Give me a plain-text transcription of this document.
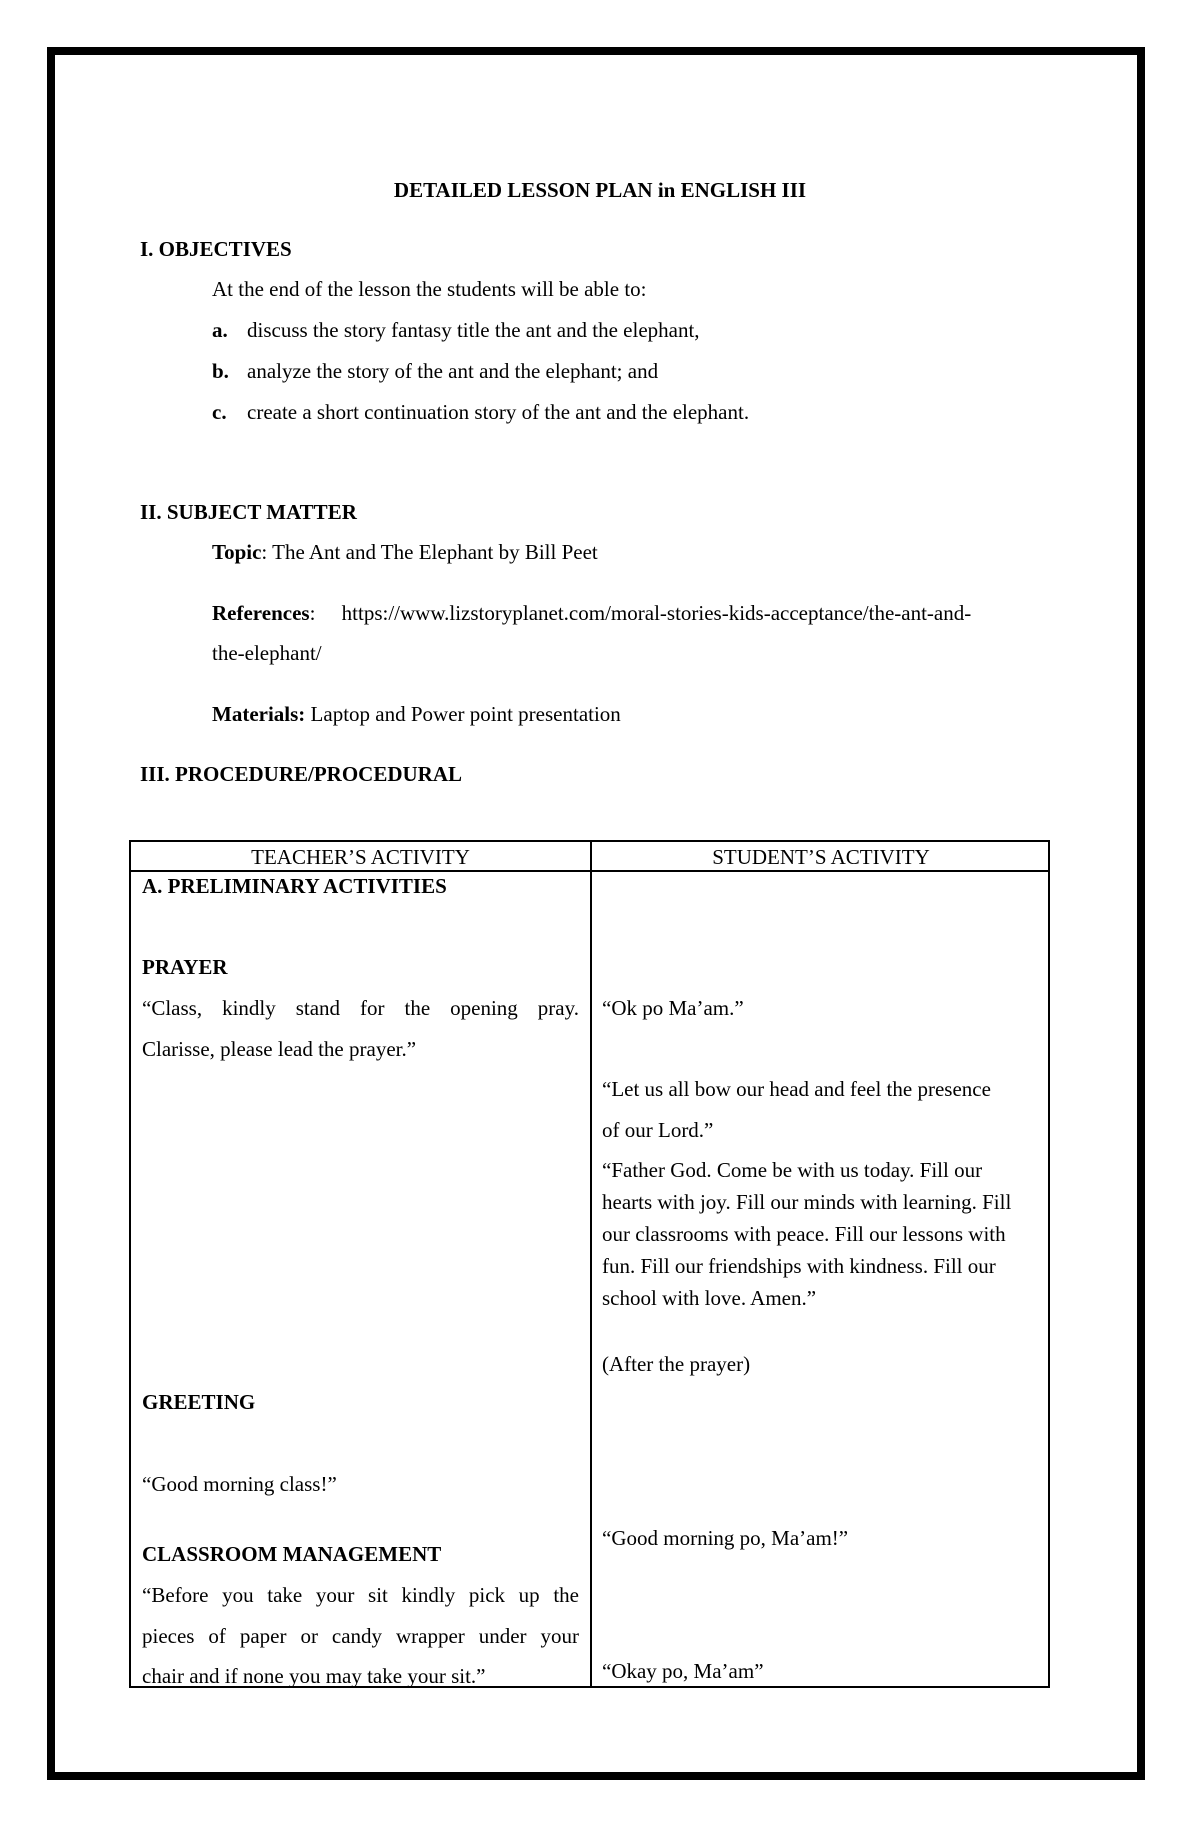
DETAILED LESSON PLAN in ENGLISH III
I. OBJECTIVES
At the end of the lesson the students will be able to:
a. discuss the story fantasy title the ant and the elephant,
b. analyze the story of the ant and the elephant; and
c. create a short continuation story of the ant and the elephant.
II. SUBJECT MATTER
Topic: The Ant and The Elephant by Bill Peet
References:     https://www.lizstoryplanet.com/moral-stories-kids-acceptance/the-ant-and-
the-elephant/
Materials: Laptop and Power point presentation
III. PROCEDURE/PROCEDURAL
TEACHER’S ACTIVITY	STUDENT’S ACTIVITY
A. PRELIMINARY ACTIVITIES
PRAYER
“Class, kindly stand for the opening pray.
Clarisse, please lead the prayer.”
GREETING
“Good morning class!”
CLASSROOM MANAGEMENT
“Before you take your sit kindly pick up the
pieces of paper or candy wrapper under your
chair and if none you may take your sit.”
“Ok po Ma’am.”
“Let us all bow our head and feel the presence
of our Lord.”
“Father God. Come be with us today. Fill our hearts with joy. Fill our minds with learning. Fill our classrooms with peace. Fill our lessons with fun. Fill our friendships with kindness. Fill our school with love. Amen.”
(After the prayer)
“Good morning po, Ma’am!”
“Okay po, Ma’am”
